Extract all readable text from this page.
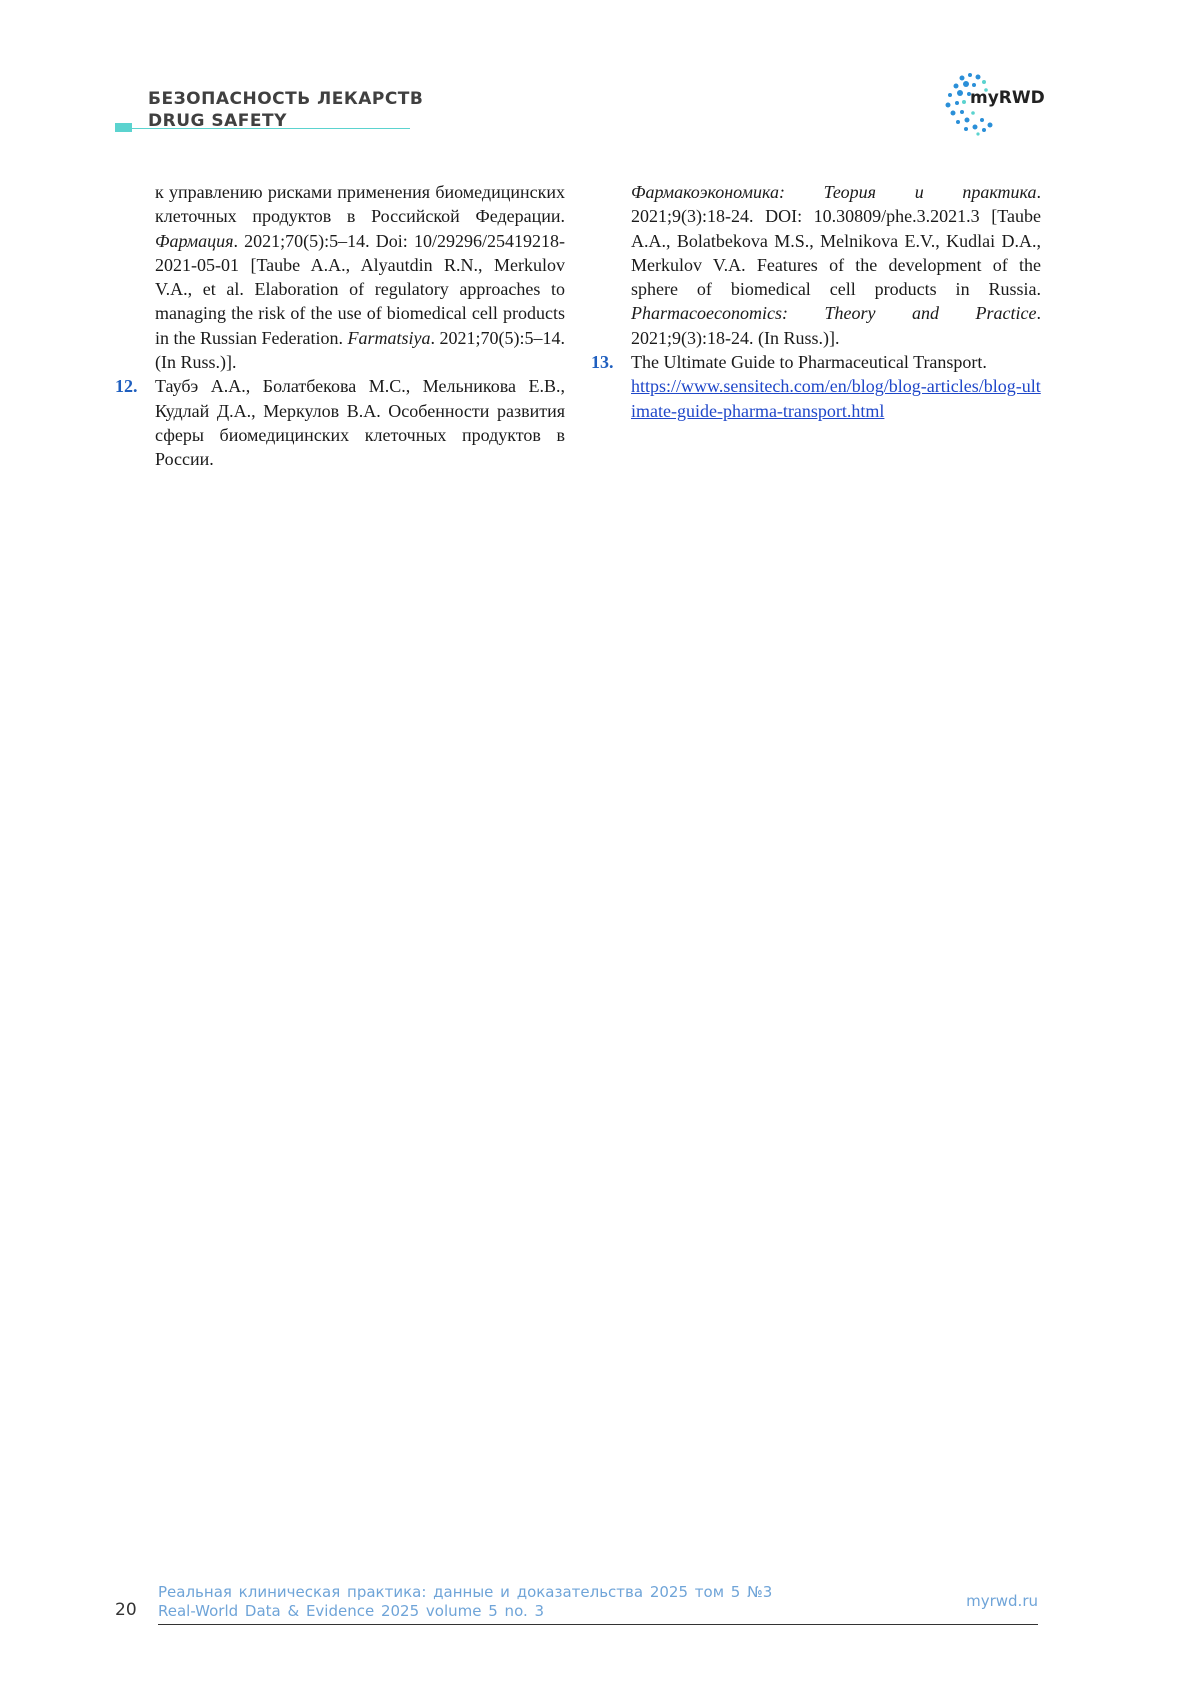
БЕЗОПАСНОСТЬ ЛЕКАРСТВ
DRUG SAFETY
myRWD

к управлению рисками применения биомедицинских клеточных продуктов в Российской Федерации. Фармация. 2021;70(5):5–14. Doi: 10/29296/25419218-2021-05-01 [Taube A.A., Alyautdin R.N., Merkulov V.A., et al. Elaboration of regulatory approaches to managing the risk of the use of biomedical cell products in the Russian Federation. Farmatsiya. 2021;70(5):5–14. (In Russ.)].

12. Таубэ А.А., Болатбекова М.С., Мельникова Е.В., Кудлай Д.А., Меркулов В.А. Особенности развития сферы биомедицинских клеточных продуктов в России.

Фармакоэкономика: Теория и практика. 2021;9(3):18-24. DOI: 10.30809/phe.3.2021.3 [Taube A.A., Bolatbekova M.S., Melnikova E.V., Kudlai D.A., Merkulov V.A. Features of the development of the sphere of biomedical cell products in Russia. Pharmacoeconomics: Theory and Practice. 2021;9(3):18-24. (In Russ.)].

13. The Ultimate Guide to Pharmaceutical Transport.
https://www.sensitech.com/en/blog/blog-articles/blog-ultimate-guide-pharma-transport.html

20
Реальная клиническая практика: данные и доказательства 2025 том 5 №3
Real-World Data & Evidence 2025 volume 5 no. 3
myrwd.ru
